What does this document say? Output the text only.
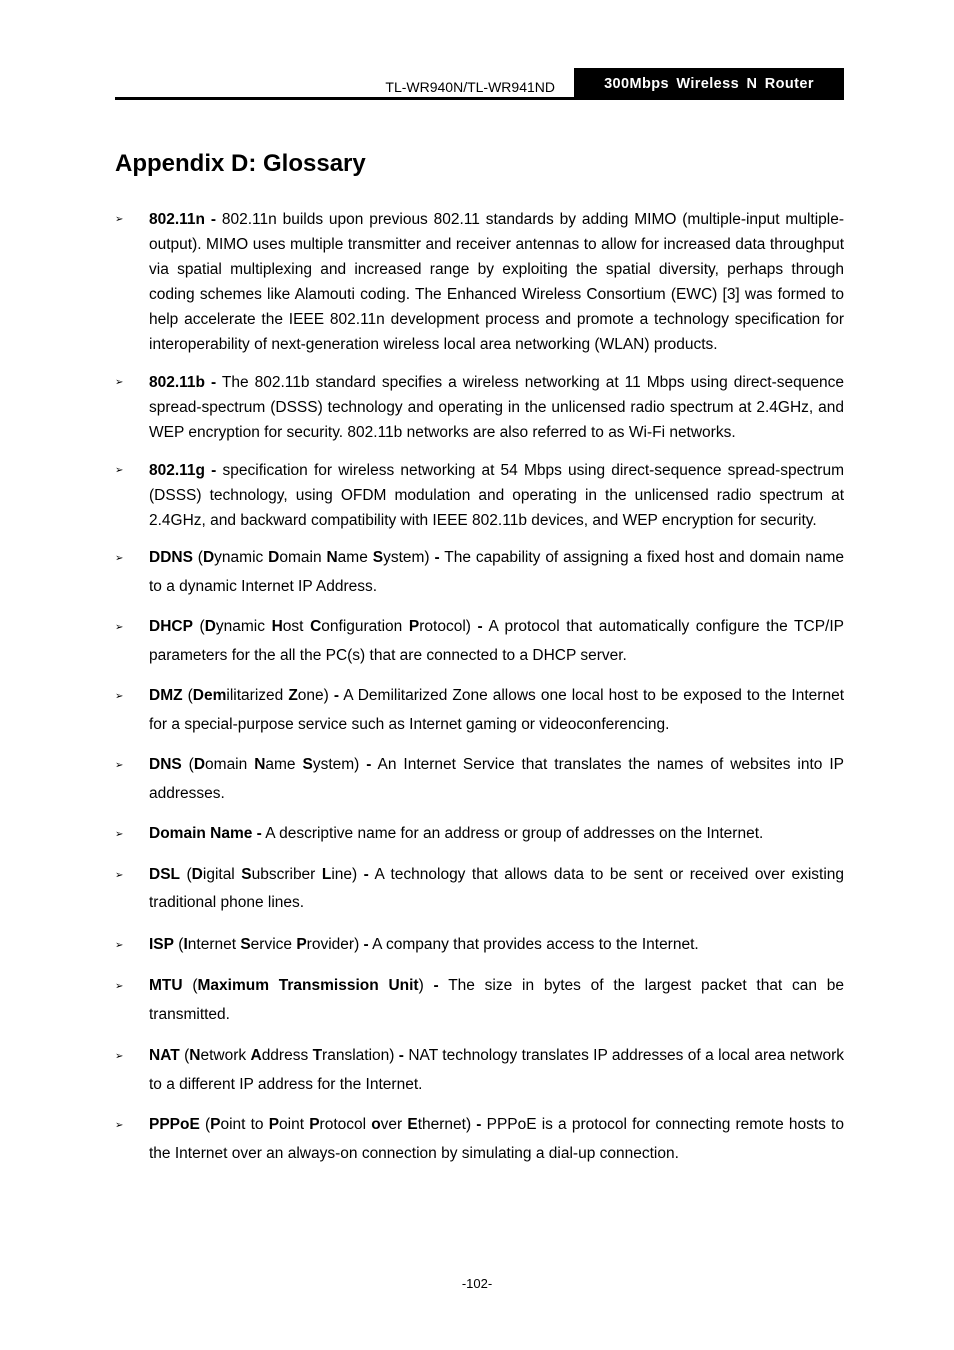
TL-WR940N/TL-WR941ND	300Mbps Wireless N Router
Appendix D: Glossary
➢ 802.11n - 802.11n builds upon previous 802.11 standards by adding MIMO (multiple-input multiple-output). MIMO uses multiple transmitter and receiver antennas to allow for increased data throughput via spatial multiplexing and increased range by exploiting the spatial diversity, perhaps through coding schemes like Alamouti coding. The Enhanced Wireless Consortium (EWC) [3] was formed to help accelerate the IEEE 802.11n development process and promote a technology specification for interoperability of next-generation wireless local area networking (WLAN) products.

➢ 802.11b - The 802.11b standard specifies a wireless networking at 11 Mbps using direct-sequence spread-spectrum (DSSS) technology and operating in the unlicensed radio spectrum at 2.4GHz, and WEP encryption for security. 802.11b networks are also referred to as Wi-Fi networks.

➢ 802.11g - specification for wireless networking at 54 Mbps using direct-sequence spread-spectrum (DSSS) technology, using OFDM modulation and operating in the unlicensed radio spectrum at 2.4GHz, and backward compatibility with IEEE 802.11b devices, and WEP encryption for security.

➢ DDNS (Dynamic Domain Name System) - The capability of assigning a fixed host and domain name to a dynamic Internet IP Address.

➢ DHCP (Dynamic Host Configuration Protocol) - A protocol that automatically configure the TCP/IP parameters for the all the PC(s) that are connected to a DHCP server.

➢ DMZ (Demilitarized Zone) - A Demilitarized Zone allows one local host to be exposed to the Internet for a special-purpose service such as Internet gaming or videoconferencing.

➢ DNS (Domain Name System) - An Internet Service that translates the names of websites into IP addresses.

➢ Domain Name - A descriptive name for an address or group of addresses on the Internet.

➢ DSL (Digital Subscriber Line) - A technology that allows data to be sent or received over existing traditional phone lines.

➢ ISP (Internet Service Provider) - A company that provides access to the Internet.

➢ MTU (Maximum Transmission Unit) - The size in bytes of the largest packet that can be transmitted.

➢ NAT (Network Address Translation) - NAT technology translates IP addresses of a local area network to a different IP address for the Internet.

➢ PPPoE (Point to Point Protocol over Ethernet) - PPPoE is a protocol for connecting remote hosts to the Internet over an always-on connection by simulating a dial-up connection.

-102-
